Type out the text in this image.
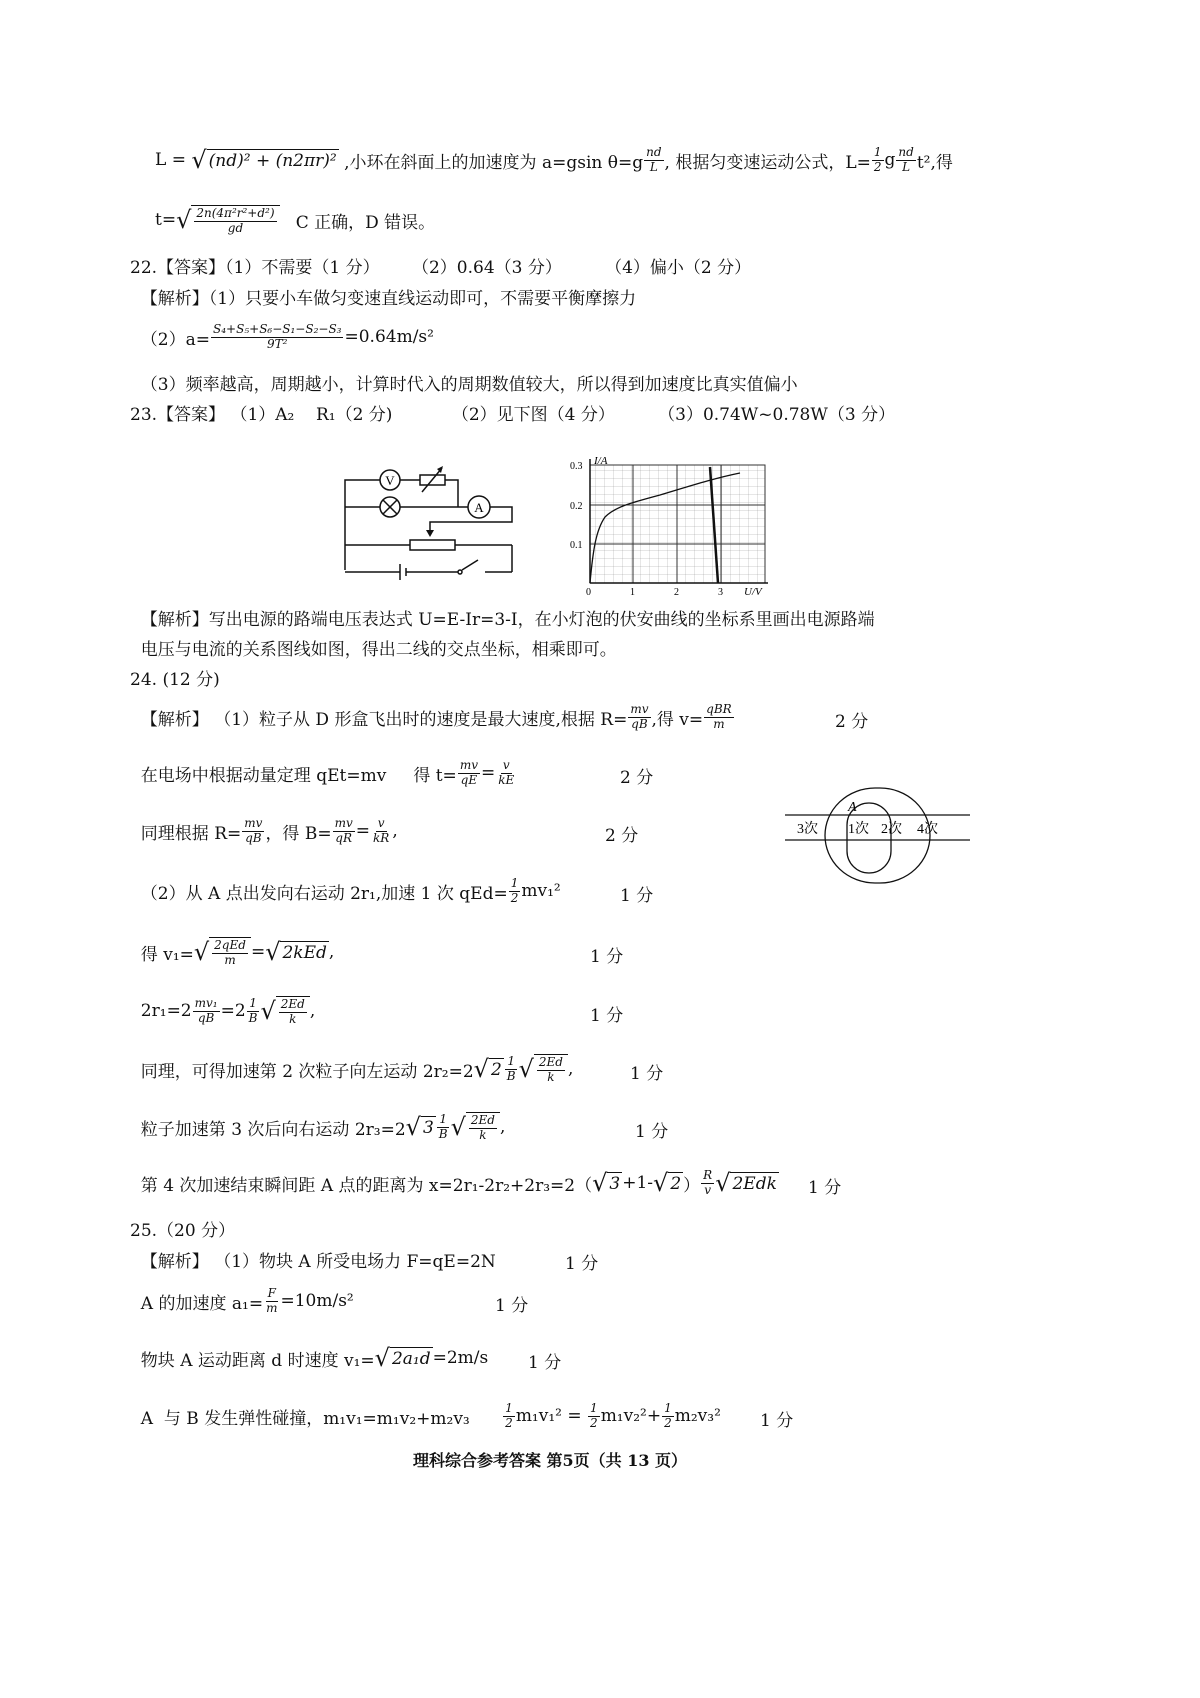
L = √ (nd)² + (n2πr)² ,小环在斜面上的加速度为 a=gsin $\theta=g \frac{nd}{L}$ , 根据匀变速运动公式，$L= \frac{1}{2}$ g $\frac{nd}{L} t^2$,得
t= √ $\frac{\text{2n(4π²r²+d²)}}{gd}$ C 正确，D 错误。
22.【答案】（1）不需要（1 分）      （2）0.64（3 分）        （4）偏小（2 分）
【解析】（1）只要小车做匀变速直线运动即可，不需要平衡摩擦力
$(2)a= \frac{\text{S₄+S₅+S₆−S₁−S₂−S₃}}{\text{9T²}} =0.64m/s^2$
（3）频率越高，周期越小，计算时代入的周期数值较大，所以得到加速度比真实值偏小
23.【答案】 （1）A₂    R₁（2 分)           （2）见下图（4 分）        （3）0.74W~0.78W（3 分）
【解析】写出电源的路端电压表达式 U=E-Ir=3-I，在小灯泡的伏安曲线的坐标系里画出电源路端
电压与电流的关系图线如图，得出二线的交点坐标，相乘即可。
24. (12 分)
【解析】 （1）粒子从 D 形盒飞出时的速度是最大速度,根据 $R= \frac{mv}{qB}$ ,得 $v= \frac{\text{qBR}}{m}$	2 分
在电场中根据动量定理 qEt=mv     得 $t= \frac{mv}{qE} = \frac{v}{kE}$	2 分
同理根据 $R= \frac{mv}{qB}$ ，得 $B= \frac{mv}{qR} = \frac{v}{kR}$ ,	2 分
（2）从 A 点出发向右运动 2r₁,加速 1 次 $qEd= \frac{1}{2} mv_1^2$	1 分
得 v₁= √ $\frac{\text{2qEd}}{m}$ = √ 2kEd ,	1 分
$2r_1=2 \frac{\text{mv₁}}{qB} =2 \frac{1}{B}$ √ $\frac{2Ed}{k}$ ,	1 分
同理，可得加速第 2 次粒子向左运动 2r₂=2 √ $2 \frac{1}{B}$ √ $\frac{2Ed}{k}$ ,	1 分
粒子加速第 3 次后向右运动 2r₃=2 √ $3 \frac{1}{B}$ √ $\frac{2Ed}{k}$ ,	1 分
第 4 次加速结束瞬间距 A 点的距离为 x=2r₁-2r₂+2r₃=2（ √ 3 +1- √ 2 ） $\frac{R}{v}$ √ 2Edk 1 分
25.（20 分）
【解析】 （1）物块 A 所受电场力 F=qE=2N	1 分
A 的加速度 $a_1= \frac{F}{m} =10m/s^2$	1 分
物块 A 运动距离 d 时速度 v₁= √ 2a₁d =2m/s 1 分
A  与 B 发生弹性碰撞，$m_1v_1=m_1v_2+m_2v_3 \frac{1}{2} m_1v_1^2 = \frac{1}{2} m_1v_2^2+ \frac{1}{2} m_2v_3^2$ 1 分
V
A
I/A
U/V
0.1
0.2
0.3
0	1	2	3
A
3次 1次 2次 4次
理科综合参考答案 第5页（共 13 页）
